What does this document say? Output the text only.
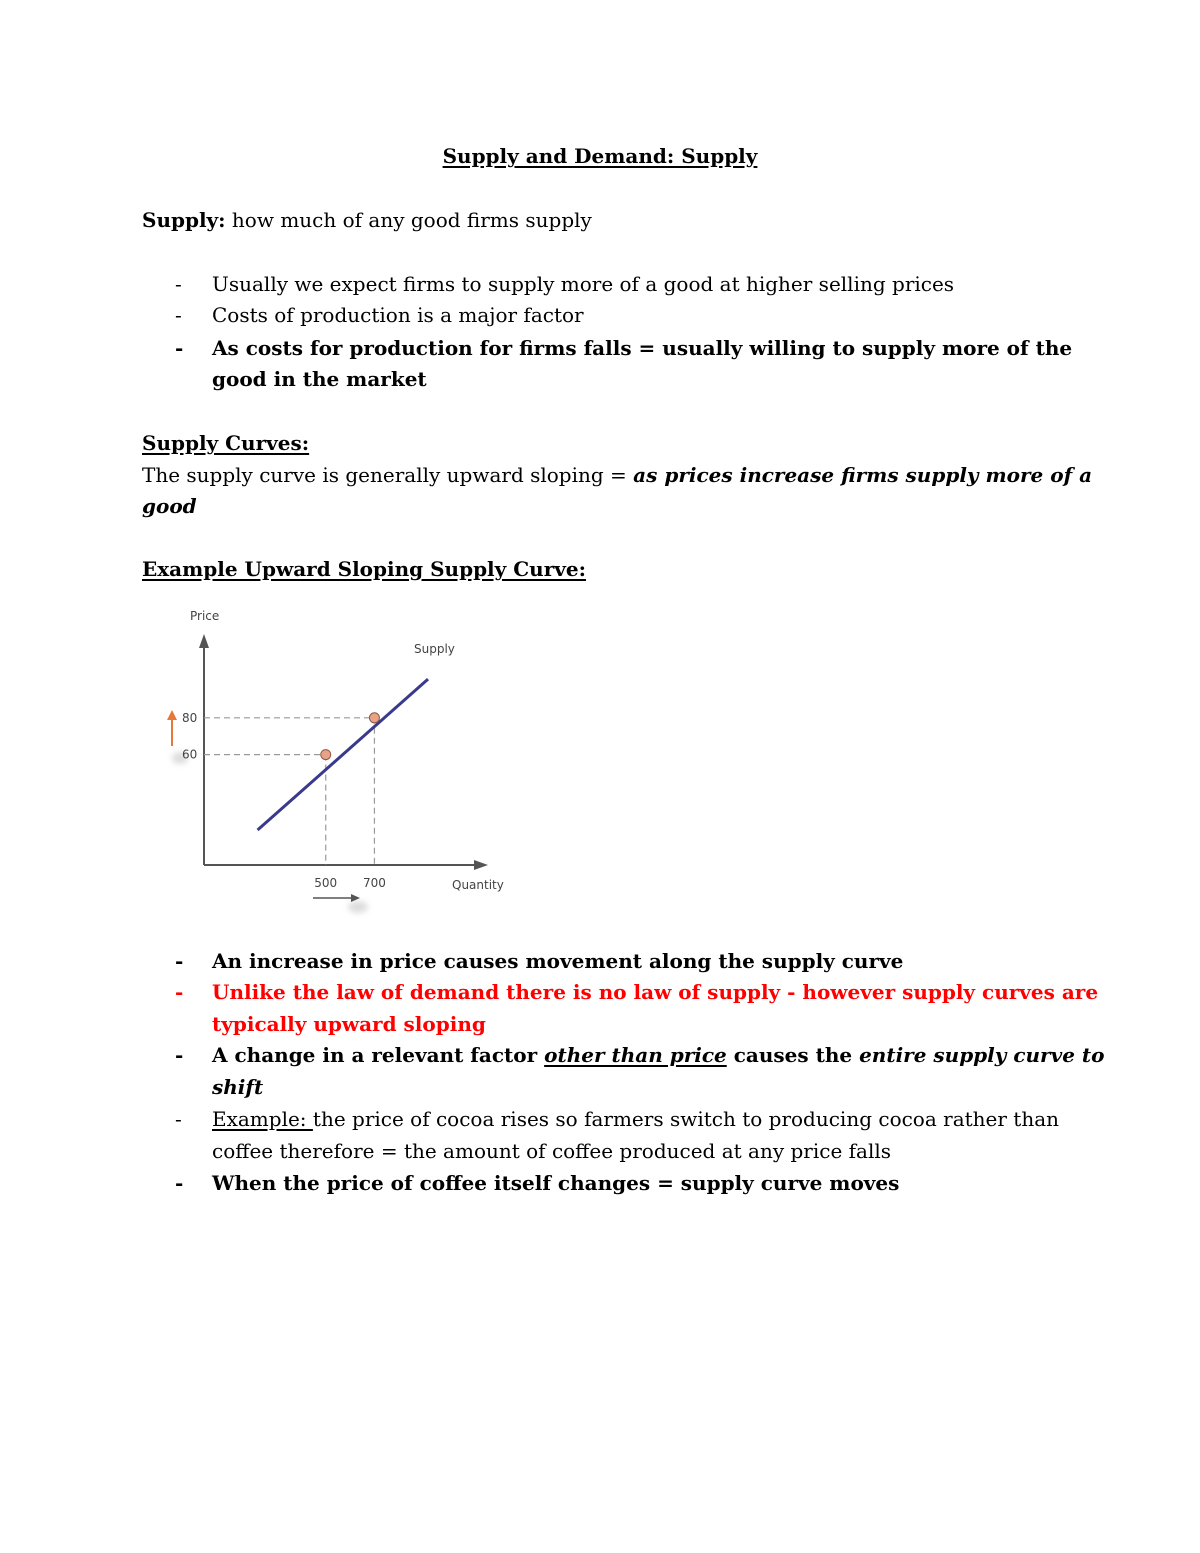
Supply and Demand: Supply
Supply: how much of any good firms supply
- Usually we expect firms to supply more of a good at higher selling prices
- Costs of production is a major factor
- As costs for production for firms falls = usually willing to supply more of the
good in the market
Supply Curves:
The supply curve is generally upward sloping = as prices increase firms supply more of a
good
Example Upward Sloping Supply Curve:
Price
Quantity
Supply
60
80
500 700
- An increase in price causes movement along the supply curve
- Unlike the law of demand there is no law of supply - however supply curves are
typically upward sloping
- A change in a relevant factor other than price causes the entire supply curve to
shift
- Example: the price of cocoa rises so farmers switch to producing cocoa rather than
coffee therefore = the amount of coffee produced at any price falls
- When the price of coffee itself changes = supply curve moves
